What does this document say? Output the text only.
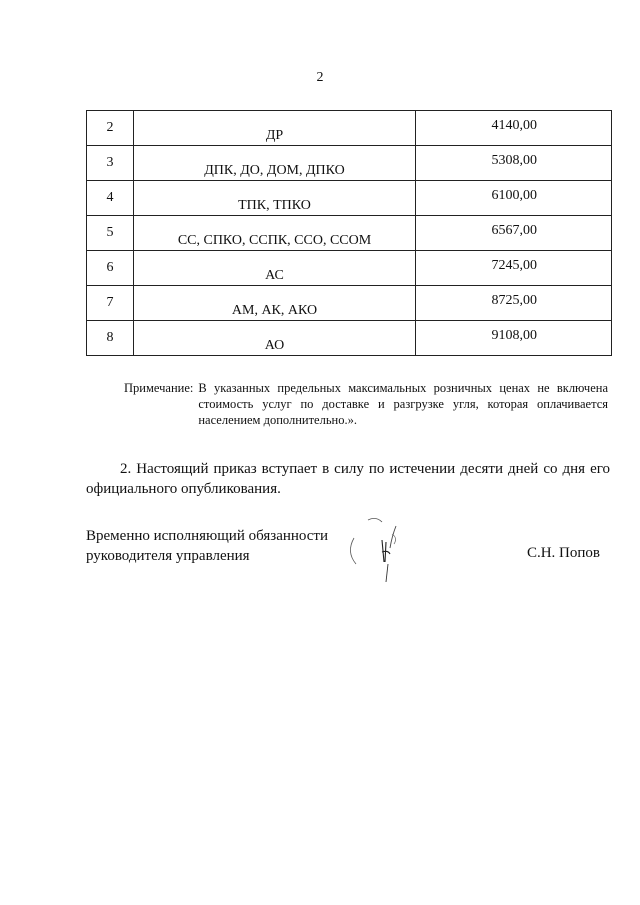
2
2	ДР	4140,00
3	ДПК, ДО, ДОМ, ДПКО	5308,00
4	ТПК, ТПКО	6100,00
5	СС, СПКО, ССПК, ССО, ССОМ	6567,00
6	АС	7245,00
7	АМ, АК, АКО	8725,00
8	АО	9108,00
Примечание: В указанных предельных максимальных розничных ценах не включена стоимость услуг по доставке и разгрузке угля, которая оплачивается населением дополнительно.».
2. Настоящий приказ вступает в силу по истечении десяти дней со дня его официального опубликования.
Временно исполняющий обязанности
руководителя управления	С.Н. Попов
